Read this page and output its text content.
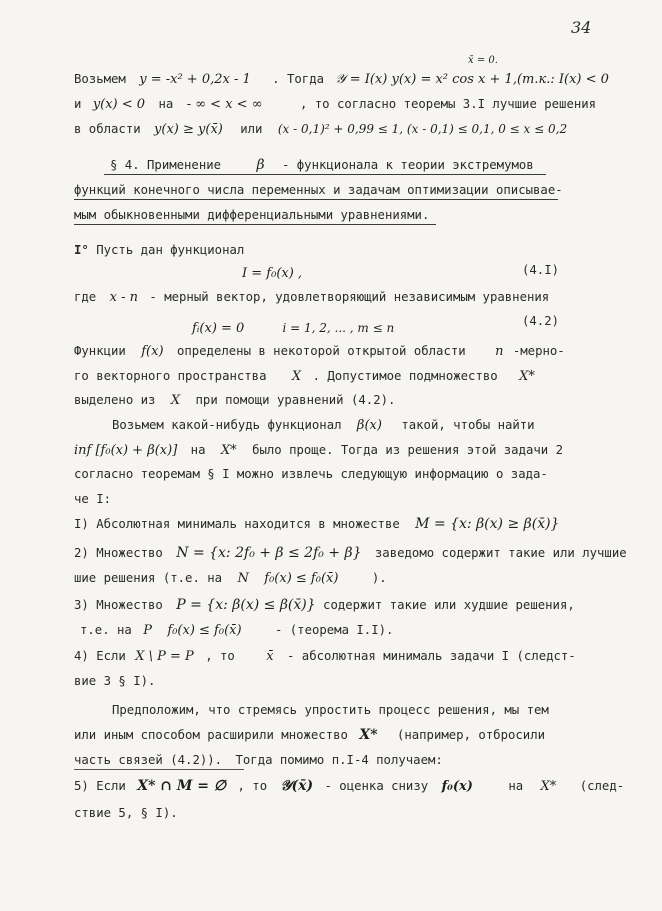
34
Возьмем y = -x² + 0,2x - 1 . Тогда 𝒴 = I(x) y(x) = x² cos x + 1,(т.к.: I(x) < 0
x̄ = 0.
и y(x) < 0 на - ∞ < x < ∞	, то согласно теоремы 3.I лучшие решения
в области y(x) ≥ y(x̄) или (x - 0,1)² + 0,99 ≤ 1, (x - 0,1) ≤ 0,1, 0 ≤ x ≤ 0,2
§ 4. Применение	β - функционала к теории экстремумов
функций конечного числа переменных и задачам оптимизации описывае-
мым обыкновенными дифференциальными уравнениями.
I° Пусть дан функционал
I = f₀(x) ,	(4.I)
где x - n - мерный вектор, удовлетворяющий независимым уравнения
fᵢ(x) = 0	i = 1, 2, ... , m ≤ n	(4.2)
Функции f(x) определены в некоторой открытой области n -мерно-
го векторного пространства X . Допустимое подмножество X*
выделено из X при помощи уравнений (4.2).
Возьмем какой-нибудь функционал β(x) такой, чтобы найти
inf [f₀(x) + β(x)] на X* было проще. Тогда из решения этой задачи 2
согласно теоремам § I можно извлечь следующую информацию о зада-
че I:
I) Абсолютная минималь находится в множестве M = {x: β(x) ≥ β(x̄)}
2) Множество N = {x: 2f₀ + β ≤ 2f₀ + β} заведомо содержит такие или лучшие
шие решения (т.е. на N f₀(x) ≤ f₀(x̄)	).
3) Множество P = {x: β(x) ≤ β(x̄)} содержит такие или худшие решения,
т.е. на P f₀(x) ≤ f₀(x̄)	- (теорема I.I).
4) Если X \ P = P , то x̄ - абсолютная минималь задачи I (следст-
вие 3 § I).
Предположим, что стремясь упростить процесс решения, мы тем
или иным способом расширили множество X* (например, отбросили
часть связей (4.2)). Тогда помимо п.I-4 получаем:
5) Если X* ∩ M = ∅ , то 𝒴(x̄) - оценка снизу f₀(x)	на X* (след-
ствие 5, § I).
